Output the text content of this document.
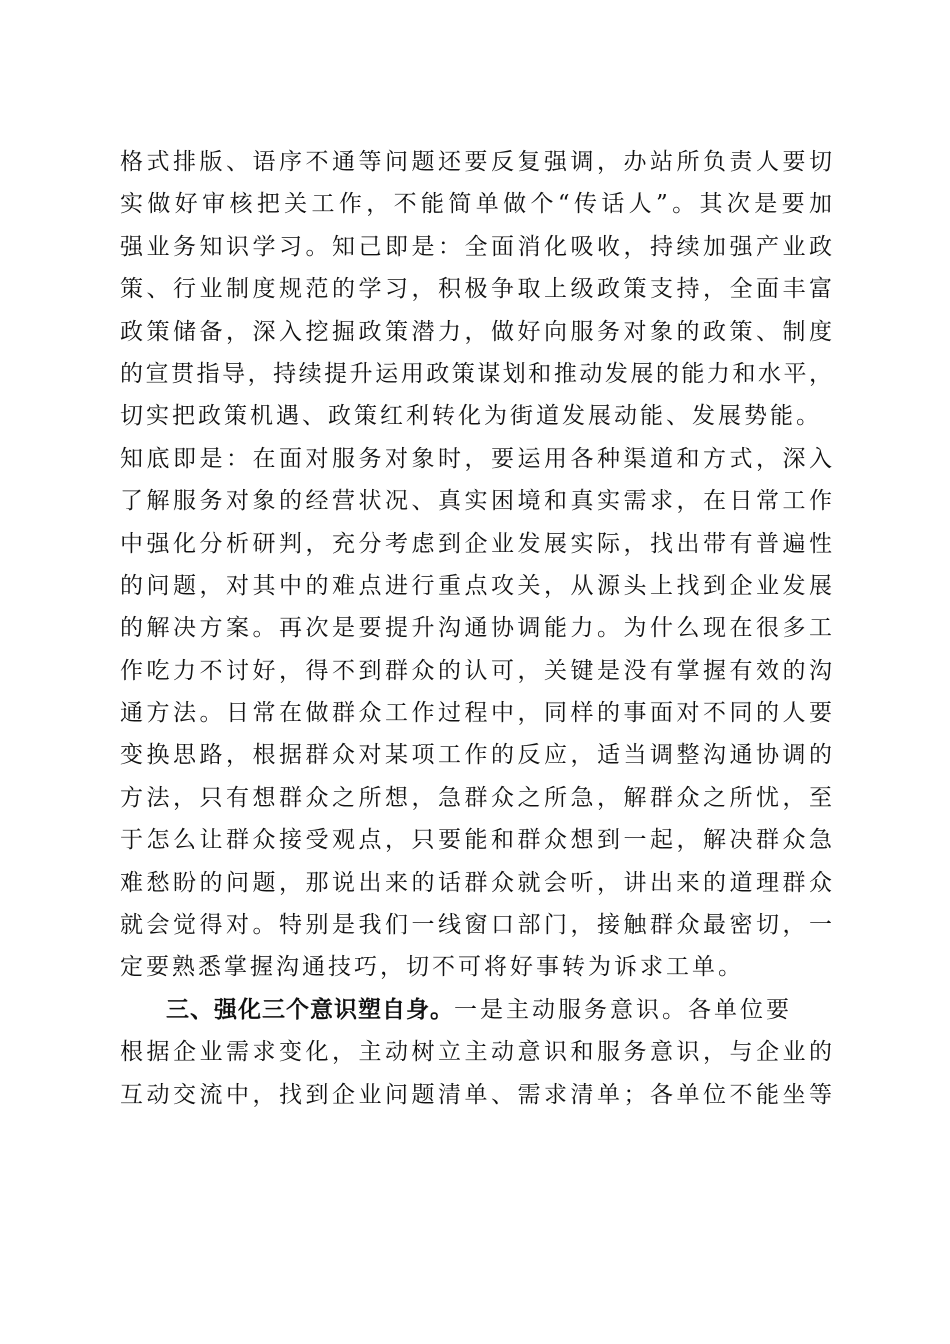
格式排版、语序不通等问题还要反复强调，办站所负责人要切
实做好审核把关工作，不能简单做个“传话人”。其次是要加
强业务知识学习。知己即是：全面消化吸收，持续加强产业政
策、行业制度规范的学习，积极争取上级政策支持，全面丰富
政策储备，深入挖掘政策潜力，做好向服务对象的政策、制度
的宣贯指导，持续提升运用政策谋划和推动发展的能力和水平，
切实把政策机遇、政策红利转化为街道发展动能、发展势能。
知底即是：在面对服务对象时，要运用各种渠道和方式，深入
了解服务对象的经营状况、真实困境和真实需求，在日常工作
中强化分析研判，充分考虑到企业发展实际，找出带有普遍性
的问题，对其中的难点进行重点攻关，从源头上找到企业发展
的解决方案。再次是要提升沟通协调能力。为什么现在很多工
作吃力不讨好，得不到群众的认可，关键是没有掌握有效的沟
通方法。日常在做群众工作过程中，同样的事面对不同的人要
变换思路，根据群众对某项工作的反应，适当调整沟通协调的
方法，只有想群众之所想，急群众之所急，解群众之所忧，至
于怎么让群众接受观点，只要能和群众想到一起，解决群众急
难愁盼的问题，那说出来的话群众就会听，讲出来的道理群众
就会觉得对。特别是我们一线窗口部门，接触群众最密切，一
定要熟悉掌握沟通技巧，切不可将好事转为诉求工单。
三、强化三个意识塑自身。一是主动服务意识。各单位要
根据企业需求变化，主动树立主动意识和服务意识，与企业的
互动交流中，找到企业问题清单、需求清单；各单位不能坐等
